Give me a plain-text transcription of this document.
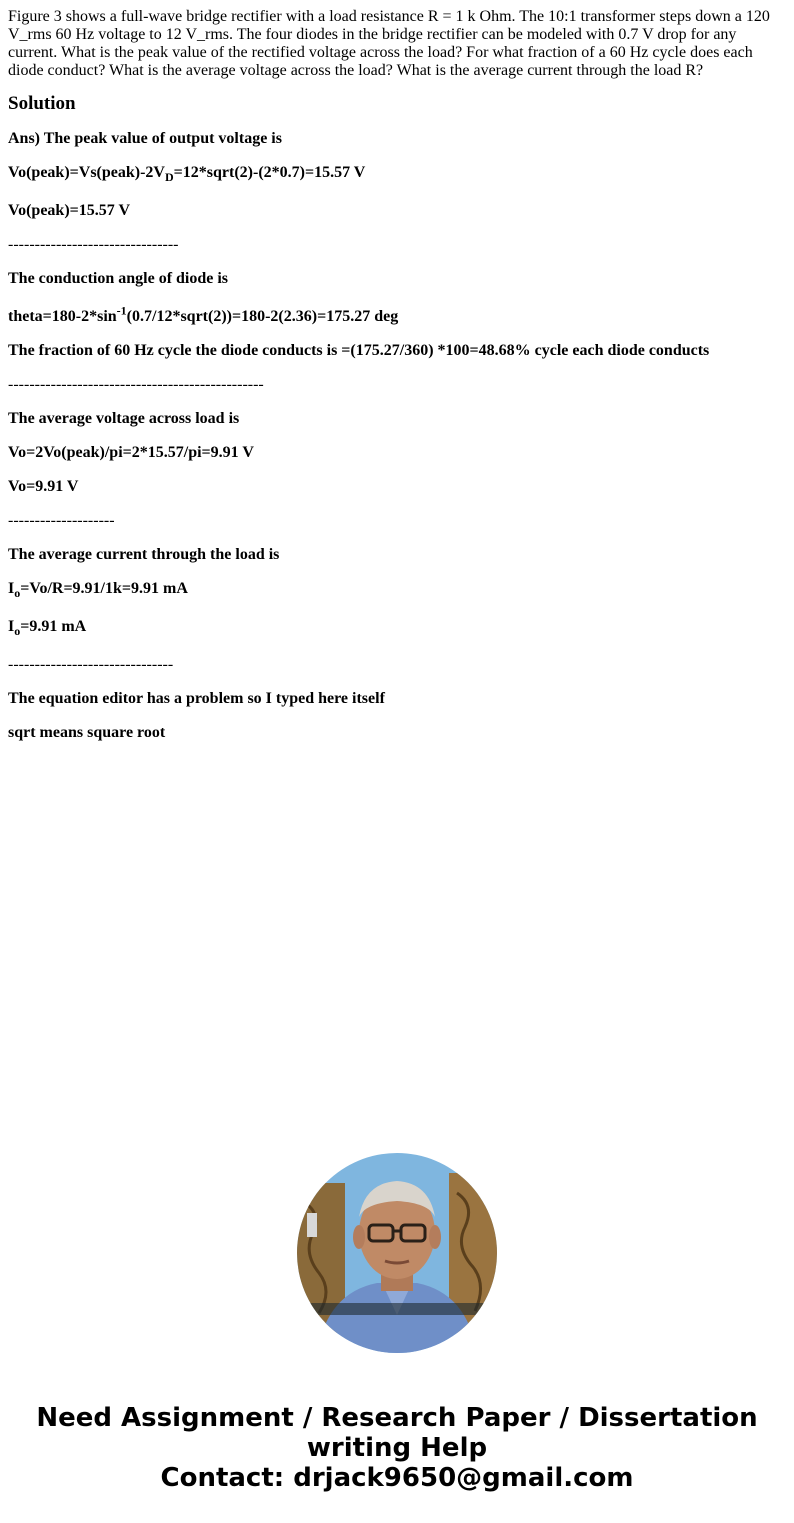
Figure 3 shows a full-wave bridge rectifier with a load resistance R = 1 k Ohm. The 10:1 transformer steps down a 120 V_rms 60 Hz voltage to 12 V_rms. The four diodes in the bridge rectifier can be modeled with 0.7 V drop for any current. What is the peak value of the rectified voltage across the load? For what fraction of a 60 Hz cycle does each diode conduct? What is the average voltage across the load? What is the average current through the load R?

Solution

Ans) The peak value of output voltage is

$Vo(peak)=Vs(peak)-2V_D=12*sqrt(2)-(2*0.7)=15.57$ V

Vo(peak)=15.57 V

--------------------------------

The conduction angle of diode is

$theta=180-2*\sin^{-1}(0.7/12*sqrt(2))=180-2(2.36)=175.27$ deg

The fraction of 60 Hz cycle the diode conducts is =(175.27/360) *100=48.68% cycle each diode conducts

------------------------------------------------

The average voltage across load is

Vo=2Vo(peak)/pi=2*15.57/pi=9.91 V

Vo=9.91 V

--------------------

The average current through the load is

$I_o=Vo/R=9.91/1k=9.91$ mA

$I_o=9.91$ mA

-------------------------------

The equation editor has a problem so I typed here itself

sqrt means square root

Need Assignment / Research Paper / Dissertation
writing Help
Contact: drjack9650@gmail.com
